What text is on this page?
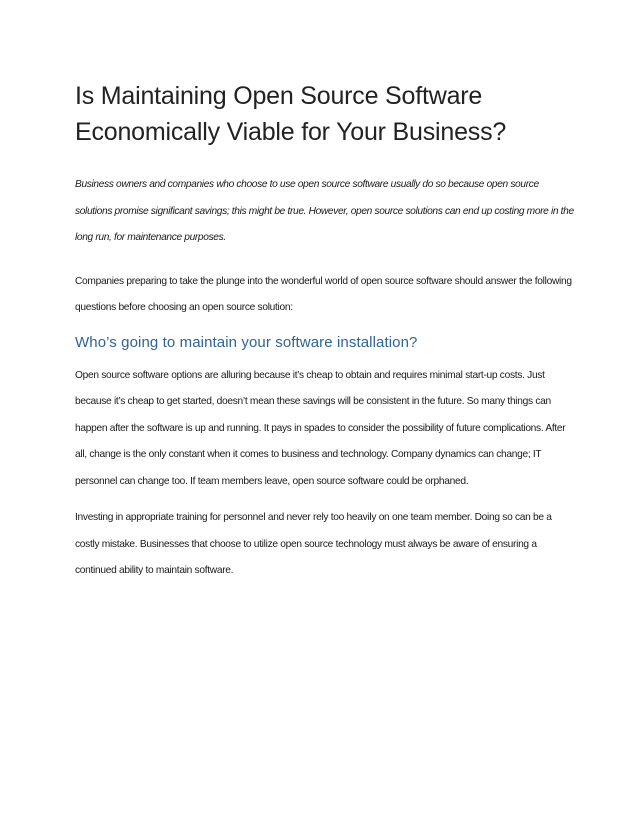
Is Maintaining Open Source Software Economically Viable for Your Business?

Business owners and companies who choose to use open source software usually do so because open source solutions promise significant savings; this might be true. However, open source solutions can end up costing more in the long run, for maintenance purposes.

Companies preparing to take the plunge into the wonderful world of open source software should answer the following questions before choosing an open source solution:

Who’s going to maintain your software installation?

Open source software options are alluring because it’s cheap to obtain and requires minimal start-up costs. Just because it’s cheap to get started, doesn’t mean these savings will be consistent in the future. So many things can happen after the software is up and running. It pays in spades to consider the possibility of future complications. After all, change is the only constant when it comes to business and technology. Company dynamics can change; IT personnel can change too. If team members leave, open source software could be orphaned.

Investing in appropriate training for personnel and never rely too heavily on one team member. Doing so can be a costly mistake. Businesses that choose to utilize open source technology must always be aware of ensuring a continued ability to maintain software.
